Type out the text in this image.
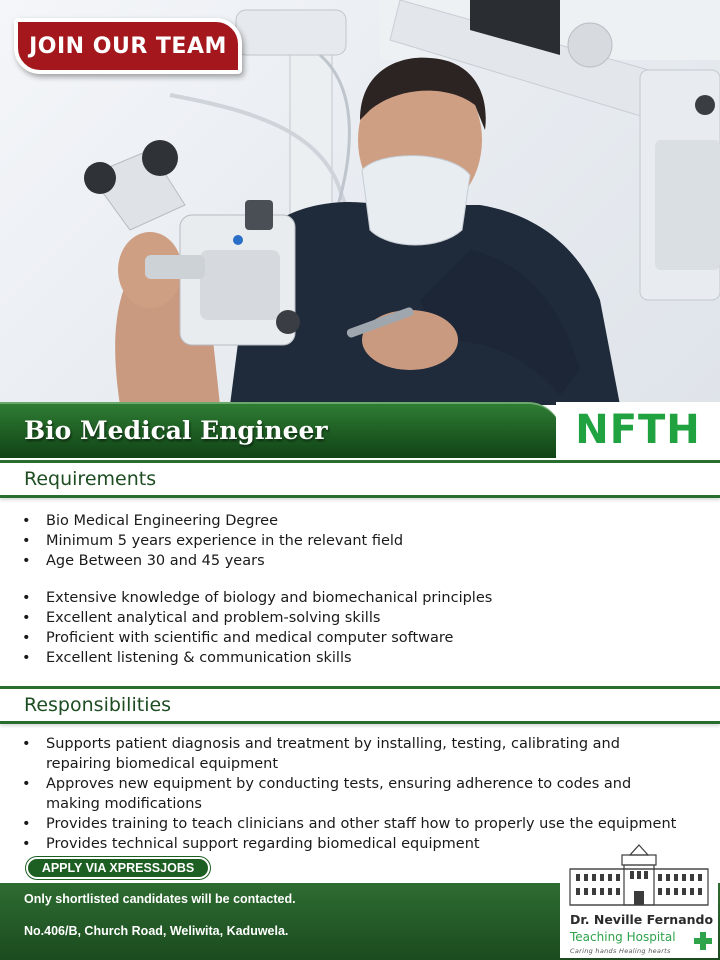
JOIN OUR TEAM
Bio Medical Engineer	NFTH
Requirements
• Bio Medical Engineering Degree
• Minimum 5 years experience in the relevant field
• Age Between 30 and 45 years
• Extensive knowledge of biology and biomechanical principles
• Excellent analytical and problem-solving skills
• Proficient with scientific and medical computer software
• Excellent listening & communication skills
Responsibilities
• Supports patient diagnosis and treatment by installing, testing, calibrating and repairing biomedical equipment
• Approves new equipment by conducting tests, ensuring adherence to codes and making modifications
• Provides training to teach clinicians and other staff how to properly use the equipment
• Provides technical support regarding biomedical equipment
APPLY VIA XPRESSJOBS
Only shortlisted candidates will be contacted.
No.406/B, Church Road, Weliwita, Kaduwela.
Dr. Neville Fernando
Teaching Hospital
Caring hands Healing hearts
